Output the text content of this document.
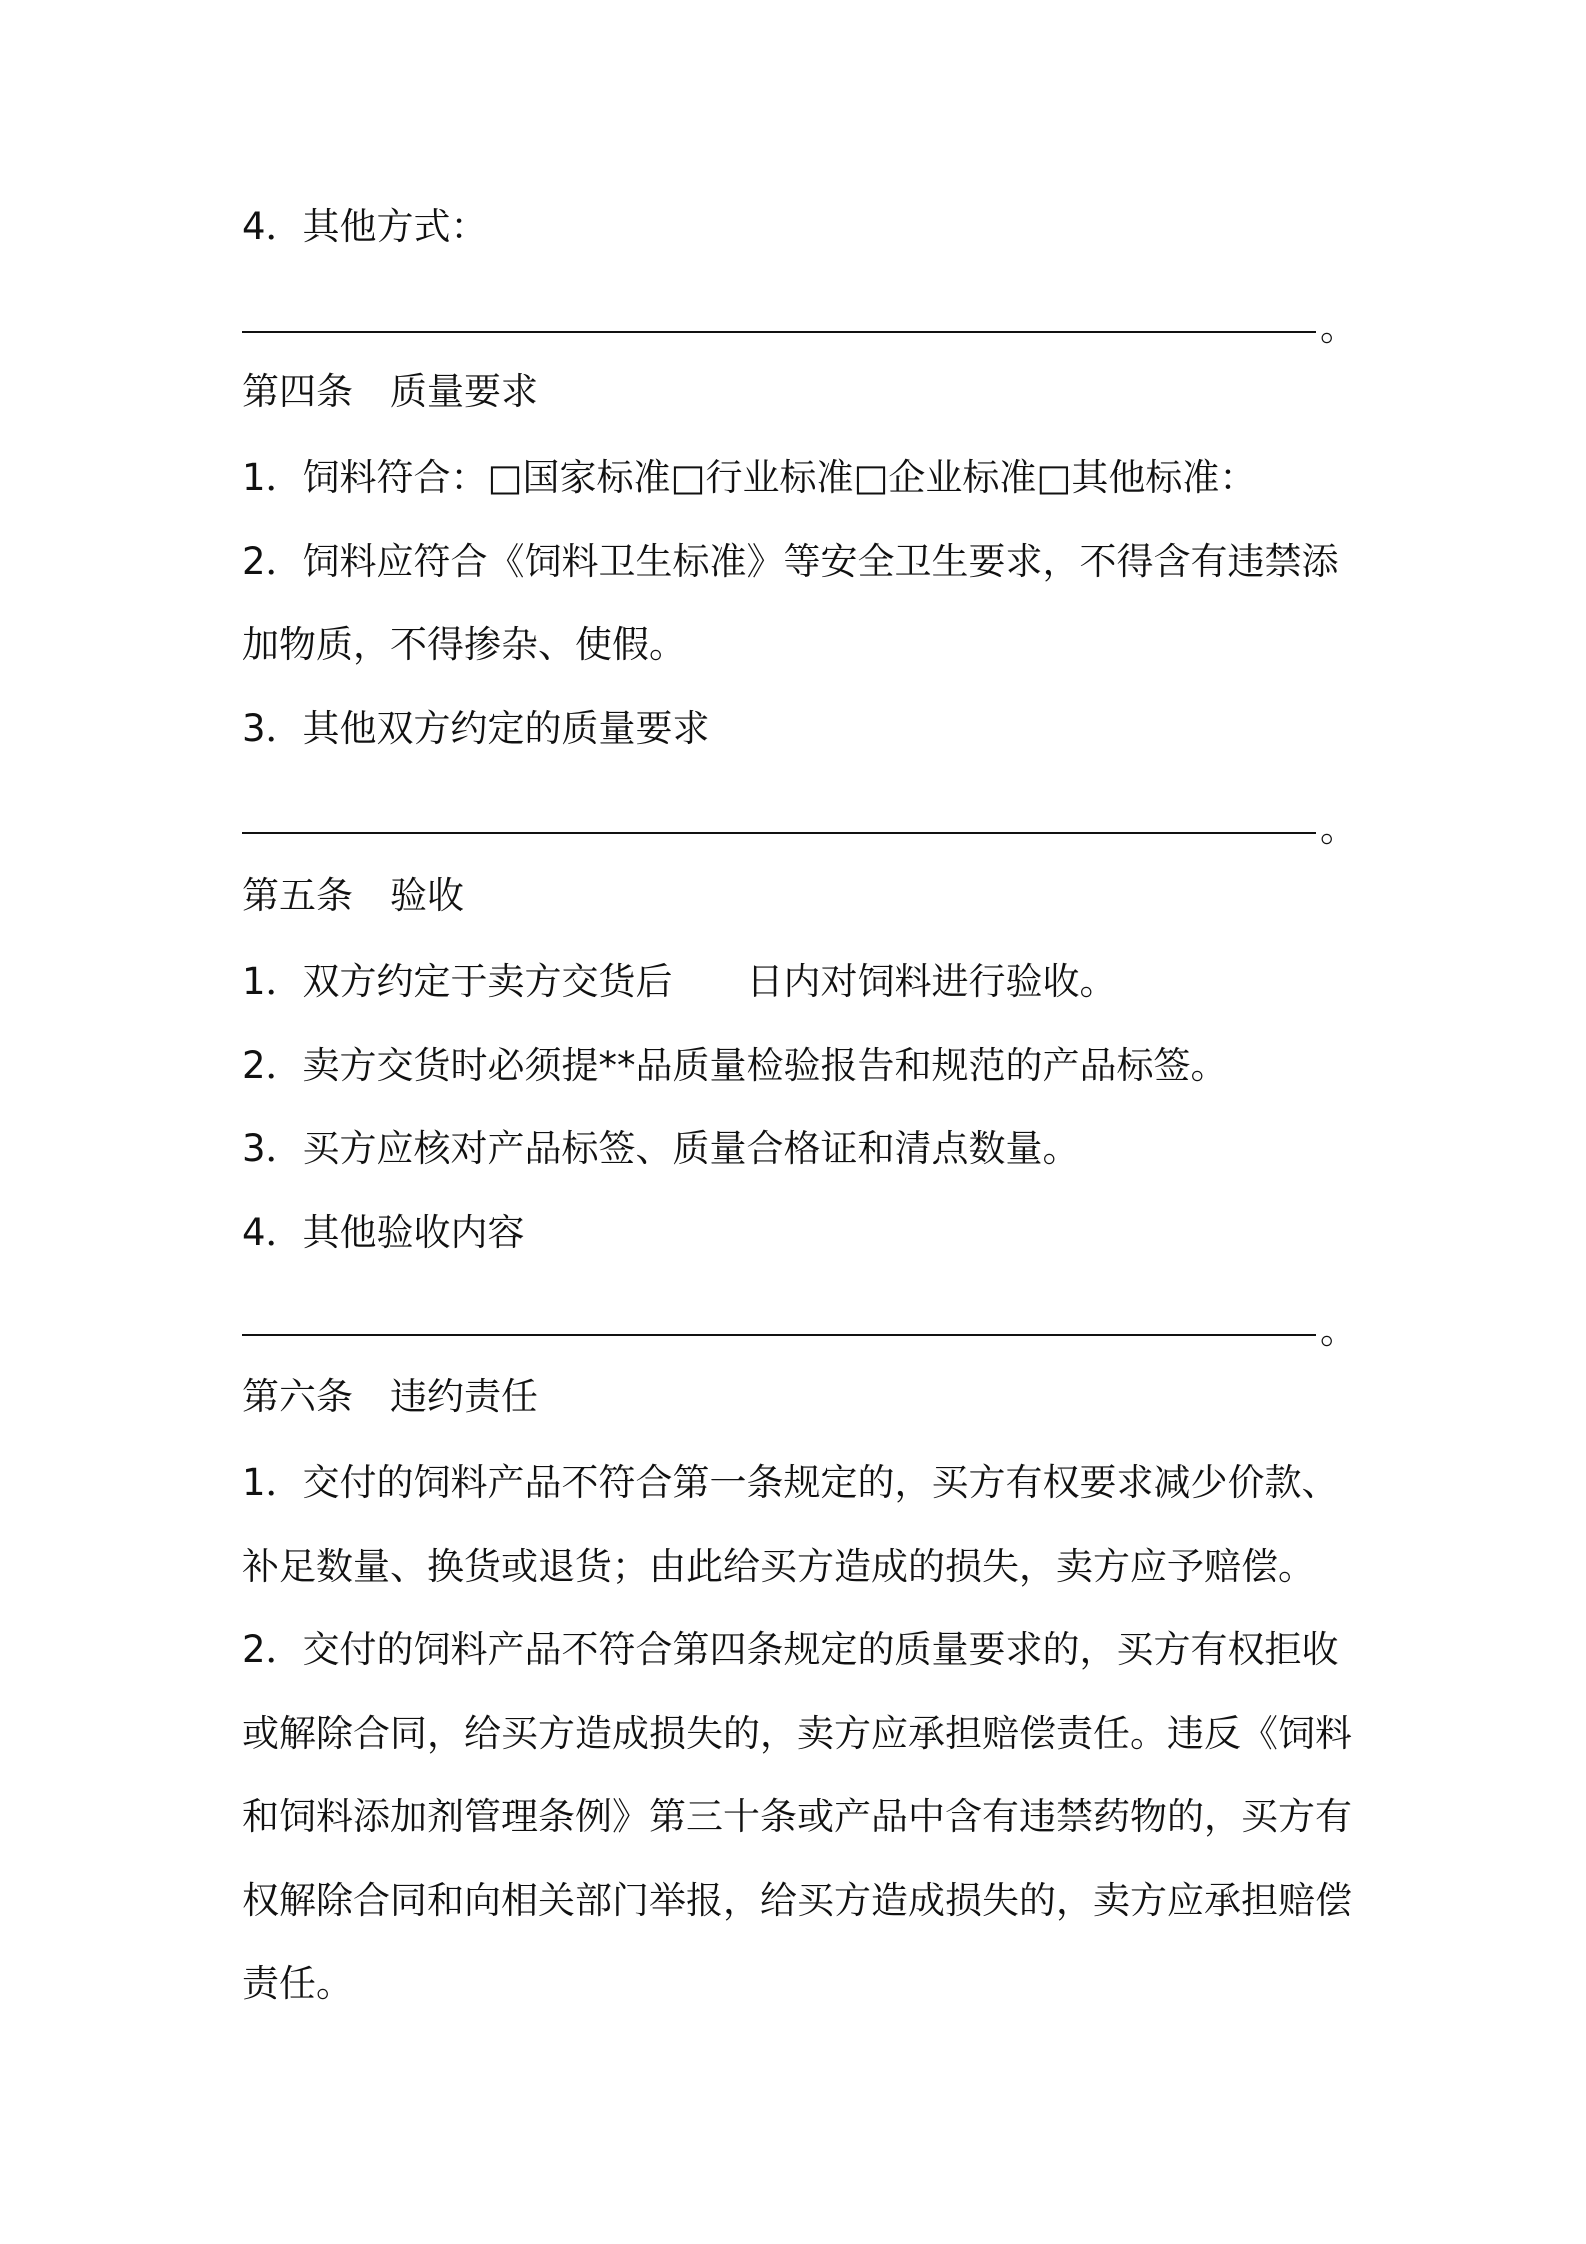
4．其他方式：
。
第四条　质量要求
1．饲料符合：□国家标准□行业标准□企业标准□其他标准：
2．饲料应符合《饲料卫生标准》等安全卫生要求，不得含有违禁添
加物质，不得掺杂、使假。
3．其他双方约定的质量要求
。
第五条　验收
1．双方约定于卖方交货后　　日内对饲料进行验收。
2．卖方交货时必须提**品质量检验报告和规范的产品标签。
3．买方应核对产品标签、质量合格证和清点数量。
4．其他验收内容
。
第六条　违约责任
1．交付的饲料产品不符合第一条规定的，买方有权要求减少价款、
补足数量、换货或退货；由此给买方造成的损失，卖方应予赔偿。
2．交付的饲料产品不符合第四条规定的质量要求的，买方有权拒收
或解除合同，给买方造成损失的，卖方应承担赔偿责任。违反《饲料
和饲料添加剂管理条例》第三十条或产品中含有违禁药物的，买方有
权解除合同和向相关部门举报，给买方造成损失的，卖方应承担赔偿
责任。
